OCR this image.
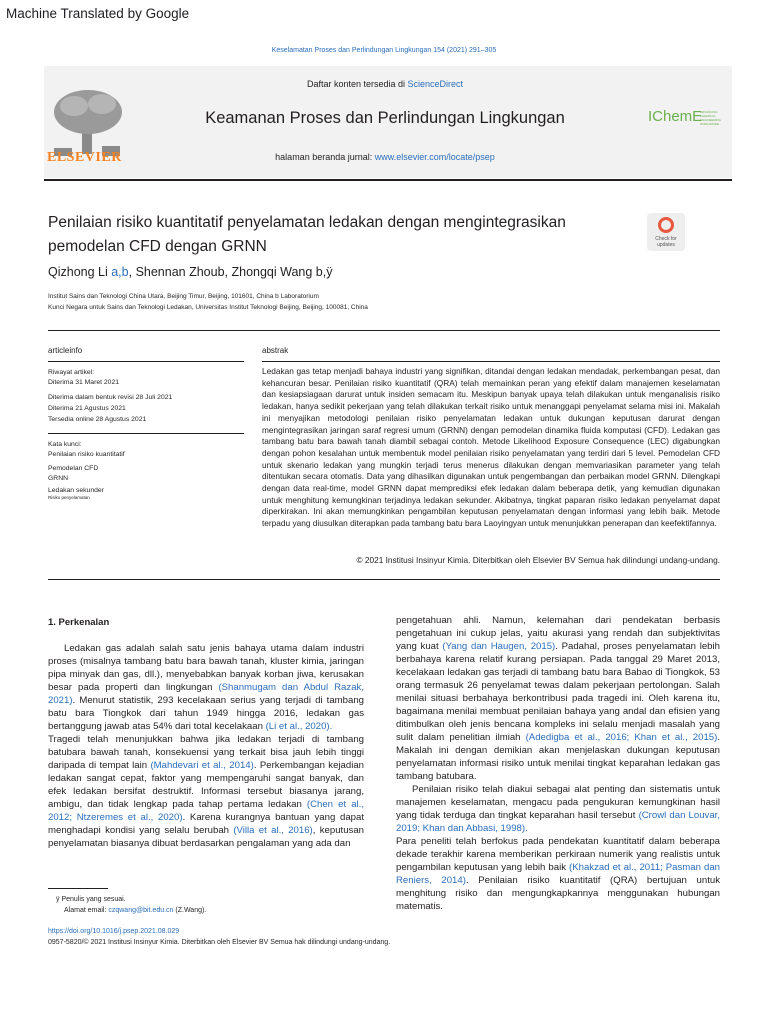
Machine Translated by Google
Keselamatan Proses dan Perlindungan Lingkungan 154 (2021) 291–305
ELSEVIER
Daftar konten tersedia di ScienceDirect
Keamanan Proses dan Perlindungan Lingkungan
halaman beranda jurnal: www.elsevier.com/locate/psep
IChemE
ADVANCING CHEMICAL ENGINEERING WORLDWIDE
Penilaian risiko kuantitatif penyelamatan ledakan dengan mengintegrasikan pemodelan CFD dengan GRNN	Check for updates
Qizhong Li a,b, Shennan Zhoub, Zhongqi Wang b,ÿ
Institut Sains dan Teknologi China Utara, Beijing Timur, Beijing, 101601, China b Laboratorium
Kunci Negara untuk Sains dan Teknologi Ledakan, Universitas Institut Teknologi Beijing, Beijing, 100081, China
articleinfo
Riwayat artikel:
Diterima 31 Maret 2021
Diterima dalam bentuk revisi 28 Juli 2021
Diterima 21 Agustus 2021
Tersedia online 28 Agustus 2021
Kata kunci:
Penilaian risiko kuantitatif
Pemodelan CFD
GRNN
Ledakan sekunder
Risiko penyelamatan
abstrak
Ledakan gas tetap menjadi bahaya industri yang signifikan, ditandai dengan ledakan mendadak, perkembangan pesat, dan kehancuran besar. Penilaian risiko kuantitatif (QRA) telah memainkan peran yang efektif dalam manajemen keselamatan dan kesiapsiagaan darurat untuk insiden semacam itu. Meskipun banyak upaya telah dilakukan untuk menganalisis risiko ledakan, hanya sedikit pekerjaan yang telah dilakukan terkait risiko untuk menanggapi penyelamat selama misi ini. Makalah ini menyajikan metodologi penilaian risiko penyelamatan ledakan untuk dukungan keputusan darurat dengan mengintegrasikan jaringan saraf regresi umum (GRNN) dengan pemodelan dinamika fluida komputasi (CFD). Ledakan gas tambang batu bara bawah tanah diambil sebagai contoh. Metode Likelihood Exposure Consequence (LEC) digabungkan dengan pohon kesalahan untuk membentuk model penilaian risiko penyelamatan yang terdiri dari 5 level. Pemodelan CFD untuk skenario ledakan yang mungkin terjadi terus menerus dilakukan dengan memvariasikan parameter yang telah ditentukan secara otomatis. Data yang dihasilkan digunakan untuk pengembangan dan perbaikan model GRNN. Dilengkapi dengan data real-time, model GRNN dapat memprediksi efek ledakan dalam beberapa detik, yang kemudian digunakan untuk menghitung kemungkinan terjadinya ledakan sekunder. Akibatnya, tingkat paparan risiko ledakan penyelamat dapat diperkirakan. Ini akan memungkinkan pengambilan keputusan penyelamatan dengan informasi yang lebih baik. Metode terpadu yang diusulkan diterapkan pada tambang batu bara Laoyingyan untuk menunjukkan penerapan dan keefektifannya.
© 2021 Institusi Insinyur Kimia. Diterbitkan oleh Elsevier BV Semua hak dilindungi undang-undang.
1. Perkenalan

Ledakan gas adalah salah satu jenis bahaya utama dalam industri proses (misalnya tambang batu bara bawah tanah, kluster kimia, jaringan pipa minyak dan gas, dll.), menyebabkan banyak korban jiwa, kerusakan besar pada properti dan lingkungan (Shanmugam dan Abdul Razak, 2021). Menurut statistik, 293 kecelakaan serius yang terjadi di tambang batu bara Tiongkok dari tahun 1949 hingga 2016, ledakan gas bertanggung jawab atas 54% dari total kecelakaan (Li et al., 2020).

Tragedi telah menunjukkan bahwa jika ledakan terjadi di tambang batubara bawah tanah, konsekuensi yang terkait bisa jauh lebih tinggi daripada di tempat lain (Mahdevari et al., 2014). Perkembangan kejadian ledakan sangat cepat, faktor yang mempengaruhi sangat banyak, dan efek ledakan bersifat destruktif. Informasi tersebut biasanya jarang, ambigu, dan tidak lengkap pada tahap pertama ledakan (Chen et al., 2012; Ntzeremes et al., 2020). Karena kurangnya bantuan yang dapat menghadapi kondisi yang selalu berubah (Villa et al., 2016), keputusan penyelamatan biasanya dibuat berdasarkan pengalaman yang ada dan

pengetahuan ahli. Namun, kelemahan dari pendekatan berbasis pengetahuan ini cukup jelas, yaitu akurasi yang rendah dan subjektivitas yang kuat (Yang dan Haugen, 2015). Padahal, proses penyelamatan lebih berbahaya karena relatif kurang persiapan. Pada tanggal 29 Maret 2013, kecelakaan ledakan gas terjadi di tambang batu bara Babao di Tiongkok, 53 orang termasuk 26 penyelamat tewas dalam pekerjaan pertolongan. Salah menilai situasi berbahaya berkontribusi pada tragedi ini. Oleh karena itu, bagaimana menilai membuat penilaian bahaya yang andal dan efisien yang ditimbulkan oleh jenis bencana kompleks ini selalu menjadi masalah yang sulit dalam penelitian ilmiah (Adedigba et al., 2016; Khan et al., 2015). Makalah ini dengan demikian akan menjelaskan dukungan keputusan penyelamatan informasi risiko untuk menilai tingkat keparahan ledakan gas tambang batubara.

Penilaian risiko telah diakui sebagai alat penting dan sistematis untuk manajemen keselamatan, mengacu pada pengukuran kemungkinan hasil yang tidak terduga dan tingkat keparahan hasil tersebut (Crowl dan Louvar, 2019; Khan dan Abbasi, 1998).

Para peneliti telah berfokus pada pendekatan kuantitatif dalam beberapa dekade terakhir karena memberikan perkiraan numerik yang realistis untuk pengambilan keputusan yang lebih baik (Khakzad et al., 2011; Pasman dan Reniers, 2014). Penilaian risiko kuantitatif (QRA) bertujuan untuk menghitung risiko dan mengungkapkannya menggunakan hubungan matematis.

ÿ Penulis yang sesuai.
Alamat email: czqwang@bit.edu.cn (Z.Wang).
https://doi.org/10.1016/j.psep.2021.08.029
0957-5820/© 2021 Institusi Insinyur Kimia. Diterbitkan oleh Elsevier BV Semua hak dilindungi undang-undang.
